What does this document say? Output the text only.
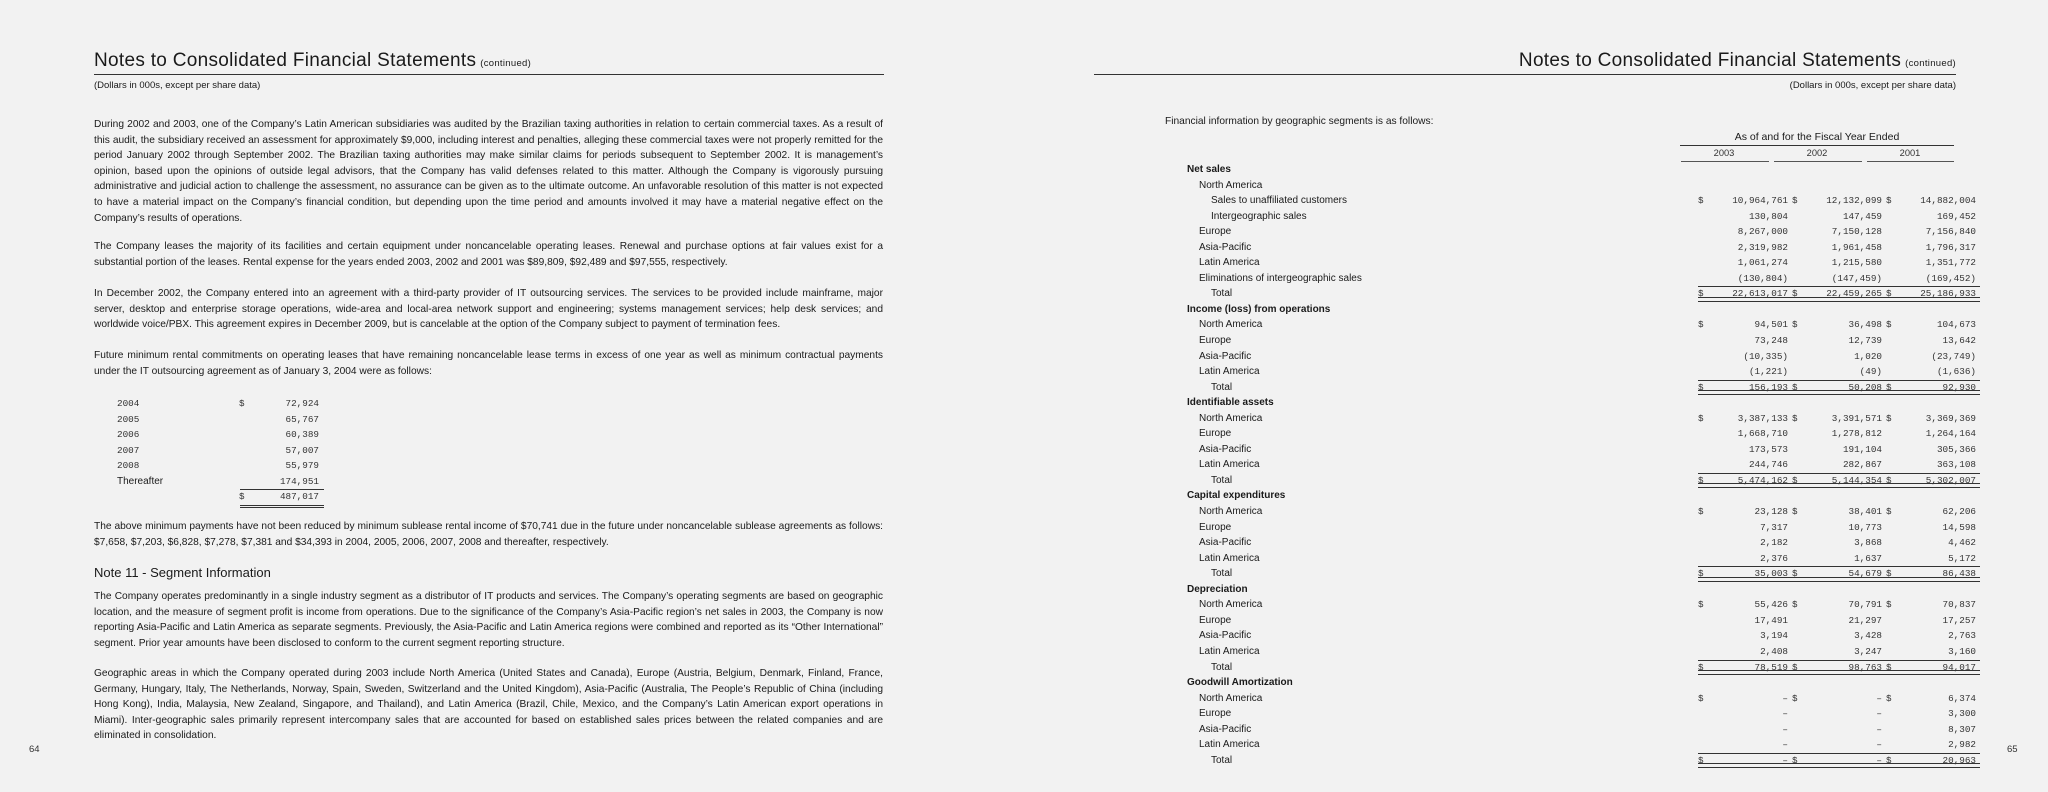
Notes to Consolidated Financial Statements (continued)
(Dollars in 000s, except per share data)

During 2002 and 2003, one of the Company’s Latin American subsidiaries was audited by the Brazilian taxing authorities in relation to certain commercial taxes. As a result of this audit, the subsidiary received an assessment for approximately $9,000, including interest and penalties, alleging these commercial taxes were not properly remitted for the period January 2002 through September 2002. The Brazilian taxing authorities may make similar claims for periods subsequent to September 2002. It is management’s opinion, based upon the opinions of outside legal advisors, that the Company has valid defenses related to this matter. Although the Company is vigorously pursuing administrative and judicial action to challenge the assessment, no assurance can be given as to the ultimate outcome. An unfavorable resolution of this matter is not expected to have a material impact on the Company’s financial condition, but depending upon the time period and amounts involved it may have a material negative effect on the Company’s results of operations.

The Company leases the majority of its facilities and certain equipment under noncancelable operating leases. Renewal and purchase options at fair values exist for a substantial portion of the leases. Rental expense for the years ended 2003, 2002 and 2001 was $89,809, $92,489 and $97,555, respectively.

In December 2002, the Company entered into an agreement with a third-party provider of IT outsourcing services. The services to be provided include mainframe, major server, desktop and enterprise storage operations, wide-area and local-area network support and engineering; systems management services; help desk services; and worldwide voice/PBX. This agreement expires in December 2009, but is cancelable at the option of the Company subject to payment of termination fees.

Future minimum rental commitments on operating leases that have remaining noncancelable lease terms in excess of one year as well as minimum contractual payments under the IT outsourcing agreement as of January 3, 2004 were as follows:

2004	$	72,924
2005	65,767
2006	60,389
2007	57,007
2008	55,979
Thereafter	174,951
$	487,017

The above minimum payments have not been reduced by minimum sublease rental income of $70,741 due in the future under noncancelable sublease agreements as follows: $7,658, $7,203, $6,828, $7,278, $7,381 and $34,393 in 2004, 2005, 2006, 2007, 2008 and thereafter, respectively.

Note 11 - Segment Information

The Company operates predominantly in a single industry segment as a distributor of IT products and services. The Company’s operating segments are based on geographic location, and the measure of segment profit is income from operations. Due to the significance of the Company’s Asia-Pacific region’s net sales in 2003, the Company is now reporting Asia-Pacific and Latin America as separate segments. Previously, the Asia-Pacific and Latin America regions were combined and reported as its “Other International” segment. Prior year amounts have been disclosed to conform to the current segment reporting structure.

Geographic areas in which the Company operated during 2003 include North America (United States and Canada), Europe (Austria, Belgium, Denmark, Finland, France, Germany, Hungary, Italy, The Netherlands, Norway, Spain, Sweden, Switzerland and the United Kingdom), Asia-Pacific (Australia, The People’s Republic of China (including Hong Kong), India, Malaysia, New Zealand, Singapore, and Thailand), and Latin America (Brazil, Chile, Mexico, and the Company’s Latin American export operations in Miami). Inter-geographic sales primarily represent intercompany sales that are accounted for based on established sales prices between the related companies and are eliminated in consolidation.

64
Notes to Consolidated Financial Statements (continued)
(Dollars in 000s, except per share data)
Financial information by geographic segments is as follows:
As of and for the Fiscal Year Ended
2003	2002	2001
Net sales
North America
Sales to unaffiliated customers	$	10,964,761 $	12,132,099 $	14,882,004
Intergeographic sales	130,804	147,459	169,452
Europe	8,267,000	7,150,128	7,156,840
Asia-Pacific	2,319,982	1,961,458	1,796,317
Latin America	1,061,274	1,215,580	1,351,772
Eliminations of intergeographic sales	(130,804)	(147,459)	(169,452)
Total	$	22,613,017 $	22,459,265 $	25,186,933
Income (loss) from operations
North America	$	94,501 $	36,498 $	104,673
Europe	73,248	12,739	13,642
Asia-Pacific	(10,335)	1,020	(23,749)
Latin America	(1,221)	(49)	(1,636)
Total	$	156,193 $	50,208 $	92,930
Identifiable assets
North America	$	3,387,133 $	3,391,571 $	3,369,369
Europe	1,668,710	1,278,812	1,264,164
Asia-Pacific	173,573	191,104	305,366
Latin America	244,746	282,867	363,108
Total	$	5,474,162 $	5,144,354 $	5,302,007
Capital expenditures
North America	$	23,128 $	38,401 $	62,206
Europe	7,317	10,773	14,598
Asia-Pacific	2,182	3,868	4,462
Latin America	2,376	1,637	5,172
Total	$	35,003 $	54,679 $	86,438
Depreciation
North America	$	55,426 $	70,791 $	70,837
Europe	17,491	21,297	17,257
Asia-Pacific	3,194	3,428	2,763
Latin America	2,408	3,247	3,160
Total	$	78,519 $	98,763 $	94,017
Goodwill Amortization
North America	$	– $	– $	6,374
Europe	–	–	3,300
Asia-Pacific	–	–	8,307
Latin America	–	–	2,982
Total	$	– $	– $	20,963
65
